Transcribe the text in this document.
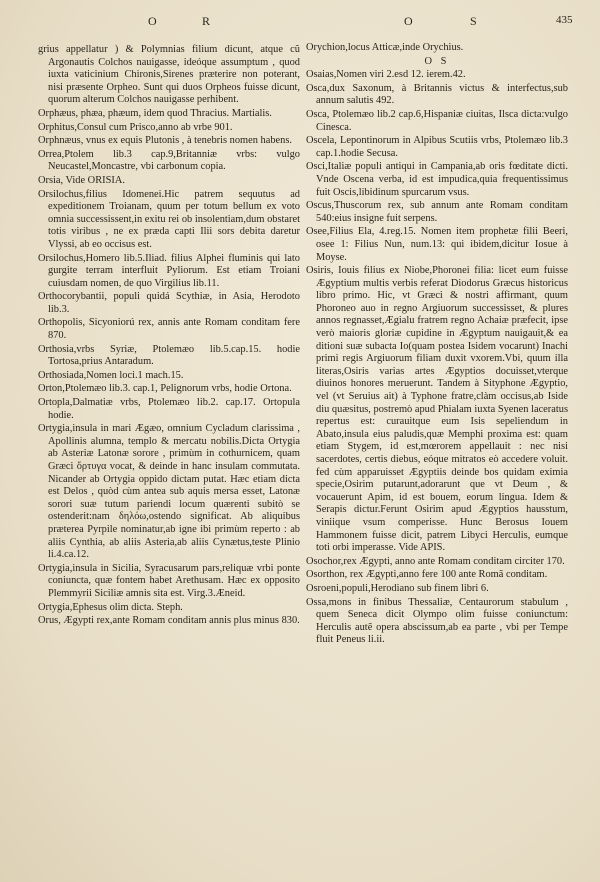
O	R	O	S	435

grius appellatur ) & Polymnias filium dicunt, atque cũ Argonautis Colchos nauigasse, ideóque assumptum , quod iuxta vaticinium Chironis,Sirenes præterire non poterant, nisi præsente Orpheo. Sunt qui duos Orpheos fuisse dicunt, quorum alterum Colchos nauigasse perhibent.

Orphæus, phæa, phæum, idem quod Thracius. Martialis.

Orphitus,Consul cum Prisco,anno ab vrbe 901.

Orphnæus, vnus ex equis Plutonis , à tenebris nomen habens.

Orrea,Ptolem lib.3 cap.9,Britanniæ vrbs: vulgo Neucastel,Moncastre, vbi carbonum copia.

Orsia, Vide ORISIA.

Orsilochus,filius Idomenei.Hic patrem sequutus ad expeditionem Troianam, quum per totum bellum ex voto omnia successissent,in exitu rei ob insolentiam,dum obstaret totis viribus , ne ex præda capti Ilii sors debita daretur Vlyssi, ab eo occisus est.

Orsilochus,Homero lib.5.Iliad. filius Alphei fluminis qui lato gurgite terram interfluit Pyliorum. Est etiam Troiani cuiusdam nomen, de quo Virgilius lib.11.

Orthocorybantii, populi quidá Scythiæ, in Asia, Herodoto lib.3.

Orthopolis, Sicyoniorú rex, annis ante Romam conditam fere 870.

Orthosia,vrbs Syriæ, Ptolemæo lib.5.cap.15. hodie Tortosa,prius Antaradum.

Orthosiada,Nomen loci.1 mach.15.

Orton,Ptolemæo lib.3. cap.1, Pelignorum vrbs, hodie Ortona.

Ortopla,Dalmatiæ vrbs, Ptolemæo lib.2. cap.17. Ortopula hodie.

Ortygia,insula in mari Ægæo, omnium Cycladum clarissima , Apollinis alumna, templo & mercatu nobilis.Dicta Ortygia ab Asteriæ Latonæ sorore , primùm in cothurnicem, quam Græci ὄρτυγα vocat, & deinde in hanc insulam commutata. Nicander ab Ortygia oppido dictam putat. Hæc etiam dicta est Delos , quòd cùm antea sub aquis mersa esset, Latonæ sorori suæ tutum pariendi locum quærenti subitò se ostenderit:nam δηλόω,ostendo significat. Ab aliquibus præterea Pyrpile nominatur,ab igne ibi primùm reperto : ab aliis Cynthia, ab aliis Asteria,ab aliis Cynætus,teste Plinio li.4.ca.12.

Ortygia,insula in Sicilia, Syracusarum pars,reliquæ vrbi ponte coniuncta, quæ fontem habet Arethusam. Hæc ex opposito Plemmyrii Siciliæ amnis sita est. Virg.3.Æneid.

Ortygia,Ephesus olim dicta. Steph.

Orus, Ægypti rex,ante Romam conditam annis plus minus 830.

Orychion,locus Atticæ,inde Orychius.

O S

Osaias,Nomen viri 2.esd 12. ierem.42.

Osca,dux Saxonum, à Britannis victus & interfectus,sub annum salutis 492.

Osca, Ptolemæo lib.2 cap.6,Hispaniæ ciuitas, Ilsca dicta:vulgo Cinesca.

Oscela, Lepontinorum in Alpibus Scutiis vrbs, Ptolemæo lib.3 cap.1.hodie Secusa.

Osci,Italiæ populi antiqui in Campania,ab oris fœditate dicti. Vnde Oscena verba, id est impudica,quia frequentissimus fuit Oscis,libidinum spurcarum vsus.

Oscus,Thuscorum rex, sub annum ante Romam conditam 540:eius insigne fuit serpens.

Osee,Filius Ela, 4.reg.15. Nomen item prophetæ filii Beeri, osee 1: Filius Nun, num.13: qui ibidem,dicitur Iosue à Moyse.

Osiris, Iouis filius ex Niobe,Phoronei filia: licet eum fuisse Ægyptium multis verbis referat Diodorus Græcus historicus libro primo. Hic, vt Græci & nostri affirmant, quum Phoroneo auo in regno Argiuorum successisset, & plures annos regnasset,Ægialu fratrem regno Achaiæ præfecit, ipse verò maioris gloriæ cupidine in Ægyptum nauigauit,& ea ditioni suæ subacta Io(quam postea Isidem vocarunt) Inachi primi regis Argiuorum filiam duxit vxorem.Vbi, quum illa literas,Osiris varias artes Ægyptios docuisset,vterque diuinos honores meruerunt. Tandem à Sityphone Ægyptio, vel (vt Seruius ait) à Typhone fratre,clàm occisus,ab Iside diu quæsitus, postremò apud Phialam iuxta Syenen laceratus repertus est: curauitque eum Isis sepeliendum in Abato,insula eius paludis,quæ Memphi proxima est: quam etiam Stygem, id est,mœrorem appellauit : nec nisi sacerdotes, certis diebus, eóque mitratos eò accedere voluit. fed cùm apparuisset Ægyptiis deinde bos quidam eximia specie,Osirim putarunt,adorarunt que vt Deum , & vocauerunt Apim, id est bouem, eorum lingua. Idem & Serapis dictur.Ferunt Osirim apud Ægyptios hausstum, viniique vsum comperisse. Hunc Berosus Iouem Hammonem fuisse dicit, patrem Libyci Herculis, eumque toti orbi imperasse. Vide APIS.

Osochor,rex Ægypti, anno ante Romam conditam circiter 170.

Osorthon, rex Ægypti,anno fere 100 ante Romã conditam.

Osroeni,populi,Herodiano sub finem libri 6.

Ossa,mons in finibus Thessaliæ, Centaurorum stabulum , quem Seneca dicit Olympo olim fuisse coniunctum: Herculis autẽ opera abscissum,ab ea parte , vbi per Tempe fluit Peneus li.ii.
